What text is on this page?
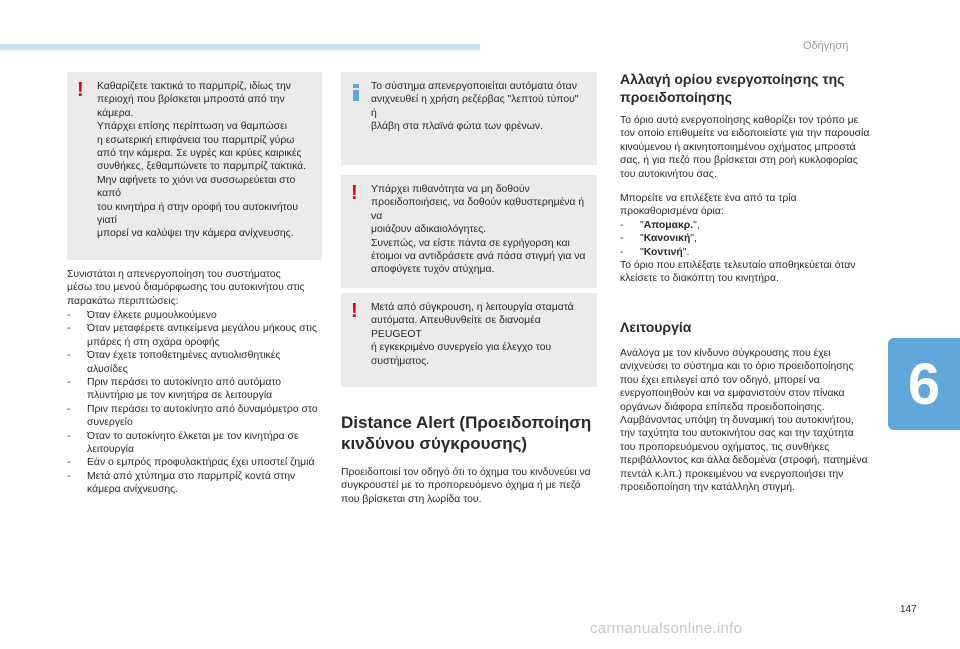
Οδήγηση
! Καθαρίζετε τακτικά το παρμπρίζ, ιδίως την
περιοχή που βρίσκεται μπροστά από την κάμερα.
Υπάρχει επίσης περίπτωση να θαμπώσει
η εσωτερική επιφάνεια του παρμπρίζ γύρω
από την κάμερα. Σε υγρές και κρύες καιρικές
συνθήκες, ξεθαμπώνετε το παρμπρίζ τακτικά.
Μην αφήνετε το χιόνι να συσσωρεύεται στο καπό
του κινητήρα ή στην οροφή του αυτοκινήτου γιατί
μπορεί να καλύψει την κάμερα ανίχνευσης.

Συνιστάται η απενεργοποίηση του συστήματος
μέσω του μενού διαμόρφωσης του αυτοκινήτου στις
παρακάτω περιπτώσεις:

- Όταν έλκετε ρυμουλκούμενο
- Όταν μεταφέρετε αντικείμενα μεγάλου μήκους στις
μπάρες ή στη σχάρα οροφής
- Όταν έχετε τοποθετημένες αντιολισθητικές
αλυσίδες
- Πριν περάσει το αυτοκίνητο από αυτόματο
πλυντήριο με τον κινητήρα σε λειτουργία
- Πριν περάσει το αυτοκίνητο από δυναμόμετρο στο
συνεργείο
- Όταν το αυτοκίνητο έλκεται με τον κινητήρα σε
λειτουργία
- Εάν ο εμπρός προφυλακτήρας έχει υποστεί ζημιά
- Μετά από χτύπημα στο παρμπρίζ κοντά στην
κάμερα ανίχνευσης.

Το σύστημα απενεργοποιείται αυτόματα όταν
ανιχνευθεί η χρήση ρεζέρβας "λεπτού τύπου" ή
βλάβη στα πλαϊνά φώτα των φρένων.

! Υπάρχει πιθανότητα να μη δοθούν
προειδοποιήσεις, να δοθούν καθυστερημένα ή να
μοιάζουν αδικαιολόγητες.
Συνεπώς, να είστε πάντα σε εγρήγορση και
έτοιμοι να αντιδράσετε ανά πάσα στιγμή για να
αποφύγετε τυχόν ατύχημα.

! Μετά από σύγκρουση, η λειτουργία σταματά
αυτόματα. Απευθυνθείτε σε διανομέα PEUGEOT
ή εγκεκριμένο συνεργείο για έλεγχο του
συστήματος.

Distance Alert (Προειδοποίηση
κινδύνου σύγκρουσης)

Προειδοποιεί τον οδηγό ότι το όχημα του κινδυνεύει να
συγκρουστεί με το προπορευόμενο όχημα ή με πεζό
που βρίσκεται στη λωρίδα του.

Αλλαγή ορίου ενεργοποίησης της
προειδοποίησης

Το όριο αυτό ενεργοποίησης καθορίζει τον τρόπο με
τον οποίο επιθυμείτε να ειδοποιείστε για την παρουσία
κινούμενου ή ακινητοποιημένου οχήματος μπροστά
σας, ή για πεζό που βρίσκεται στη ροή κυκλοφορίας
του αυτοκινήτου σας.

Μπορείτε να επιλέξετε ένα από τα τρία
προκαθορισμένα όρια:

- "Απομακρ.",
- "Κανονική",
- "Κοντινή".

Το όριο που επιλέξατε τελευταίο αποθηκεύεται όταν
κλείσετε το διακόπτη του κινητήρα.

Λειτουργία

Ανάλογα με τον κίνδυνο σύγκρουσης που έχει
ανιχνεύσει το σύστημα και το όριο προειδοποίησης
που έχει επιλεγεί από τον οδηγό, μπορεί να
ενεργοποιηθούν και να εμφανιστούν στον πίνακα
οργάνων διάφορα επίπεδα προειδοποίησης.
Λαμβάνοντας υπόψη τη δυναμική του αυτοκινήτου,
την ταχύτητα του αυτοκινήτου σας και την ταχύτητα
του προπορευόμενου οχήματος, τις συνθήκες
περιβάλλοντος και άλλα δεδομένα (στροφή, πατημένα
πεντάλ κ.λπ.) προκειμένου να ενεργοποιήσει την
προειδοποίηση την κατάλληλη στιγμή.

6
147
carmanualsonline.info
